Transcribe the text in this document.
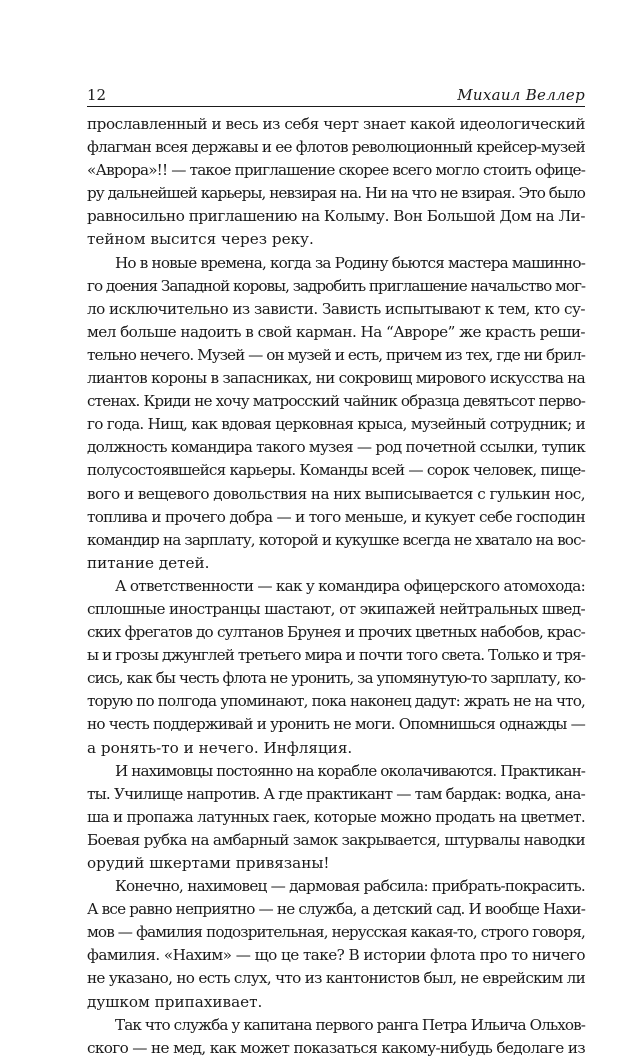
12	Михаил Веллер
прославленный и весь из себя черт знает какой идеологический
флагман всея державы и ее флотов революционный крейсер-музей
«Аврора»!! — такое приглашение скорее всего могло стоить офице-
ру дальнейшей карьеры, невзирая на. Ни на что не взирая. Это было
равносильно приглашению на Колыму. Вон Большой Дом на Ли-
тейном высится через реку.
Но в новые времена, когда за Родину бьются мастера машинно-
го доения Западной коровы, задробить приглашение начальство мог-
ло исключительно из зависти. Зависть испытывают к тем, кто су-
мел больше надоить в свой карман. На “Авроре” же красть реши-
тельно нечего. Музей — он музей и есть, причем из тех, где ни брил-
лиантов короны в запасниках, ни сокровищ мирового искусства на
стенах. Криди не хочу матросский чайник образца девятьсот перво-
го года. Нищ, как вдовая церковная крыса, музейный сотрудник; и
должность командира такого музея — род почетной ссылки, тупик
полусостоявшейся карьеры. Команды всей — сорок человек, пище-
вого и вещевого довольствия на них выписывается с гулькин нос,
топлива и прочего добра — и того меньше, и кукует себе господин
командир на зарплату, которой и кукушке всегда не хватало на вос-
питание детей.
А ответственности — как у командира офицерского атомохода:
сплошные иностранцы шастают, от экипажей нейтральных швед-
ских фрегатов до султанов Брунея и прочих цветных набобов, крас-
ы и грозы джунглей третьего мира и почти того света. Только и тря-
сись, как бы честь флота не уронить, за упомянутую-то зарплату, ко-
торую по полгода упоминают, пока наконец дадут: жрать не на что,
но честь поддерживай и уронить не моги. Опомнишься однажды —
а ронять-то и нечего. Инфляция.
И нахимовцы постоянно на корабле околачиваются. Практикан-
ты. Училище напротив. А где практикант — там бардак: водка, ана-
ша и пропажа латунных гаек, которые можно продать на цветмет.
Боевая рубка на амбарный замок закрывается, штурвалы наводки
орудий шкертами привязаны!
Конечно, нахимовец — дармовая рабсила: прибрать-покрасить.
А все равно неприятно — не служба, а детский сад. И вообще Нахи-
мов — фамилия подозрительная, нерусская какая-то, строго говоря,
фамилия. «Нахим» — що це таке? В истории флота про то ничего
не указано, но есть слух, что из кантонистов был, не еврейским ли
душком припахивает.
Так что служба у капитана первого ранга Петра Ильича Ольхов-
ского — не мед, как может показаться какому-нибудь бедолаге из
